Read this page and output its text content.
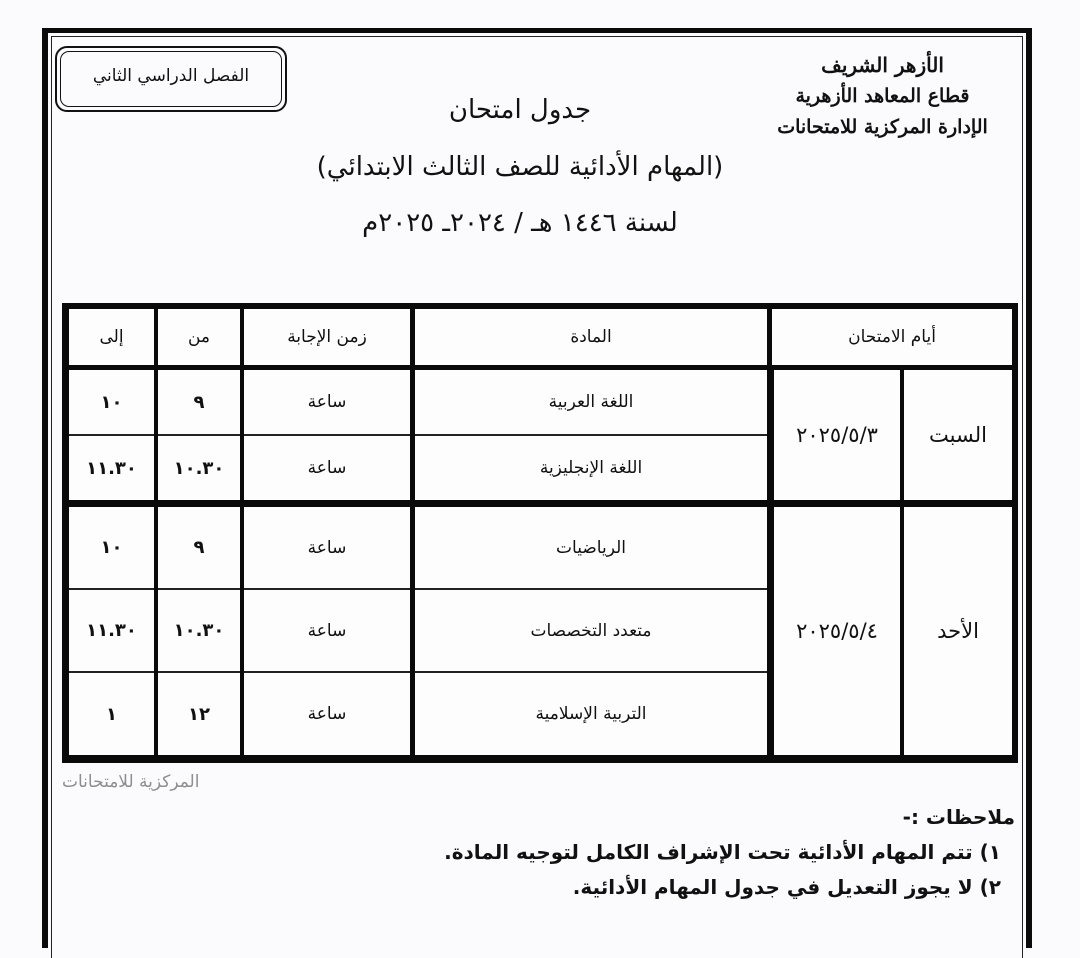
الفصل الدراسي الثاني	الأزهر الشريف
قطاع المعاهد الأزهرية
الإدارة المركزية للامتحانات
جدول امتحان
(المهام الأدائية للصف الثالث الابتدائي)
لسنة ١٤٤٦ هـ / ٢٠٢٤ـ ٢٠٢٥م
أيام الامتحان
المادة
زمن الإجابة
من
إلى
السبت
٢٠٢٥/٥/٣
اللغة العربية
اللغة الإنجليزية
ساعة
ساعة
٩
١٠.٣٠
١٠
١١.٣٠
الأحد
٢٠٢٥/٥/٤
الرياضيات
متعدد التخصصات
التربية الإسلامية
ساعة
ساعة
ساعة
٩
١٠.٣٠
١٢
١٠
١١.٣٠
١
المركزية للامتحانات
ملاحظات :-
١) تتم المهام الأدائية تحت الإشراف الكامل لتوجيه المادة.
٢) لا يجوز التعديل في جدول المهام الأدائية.
